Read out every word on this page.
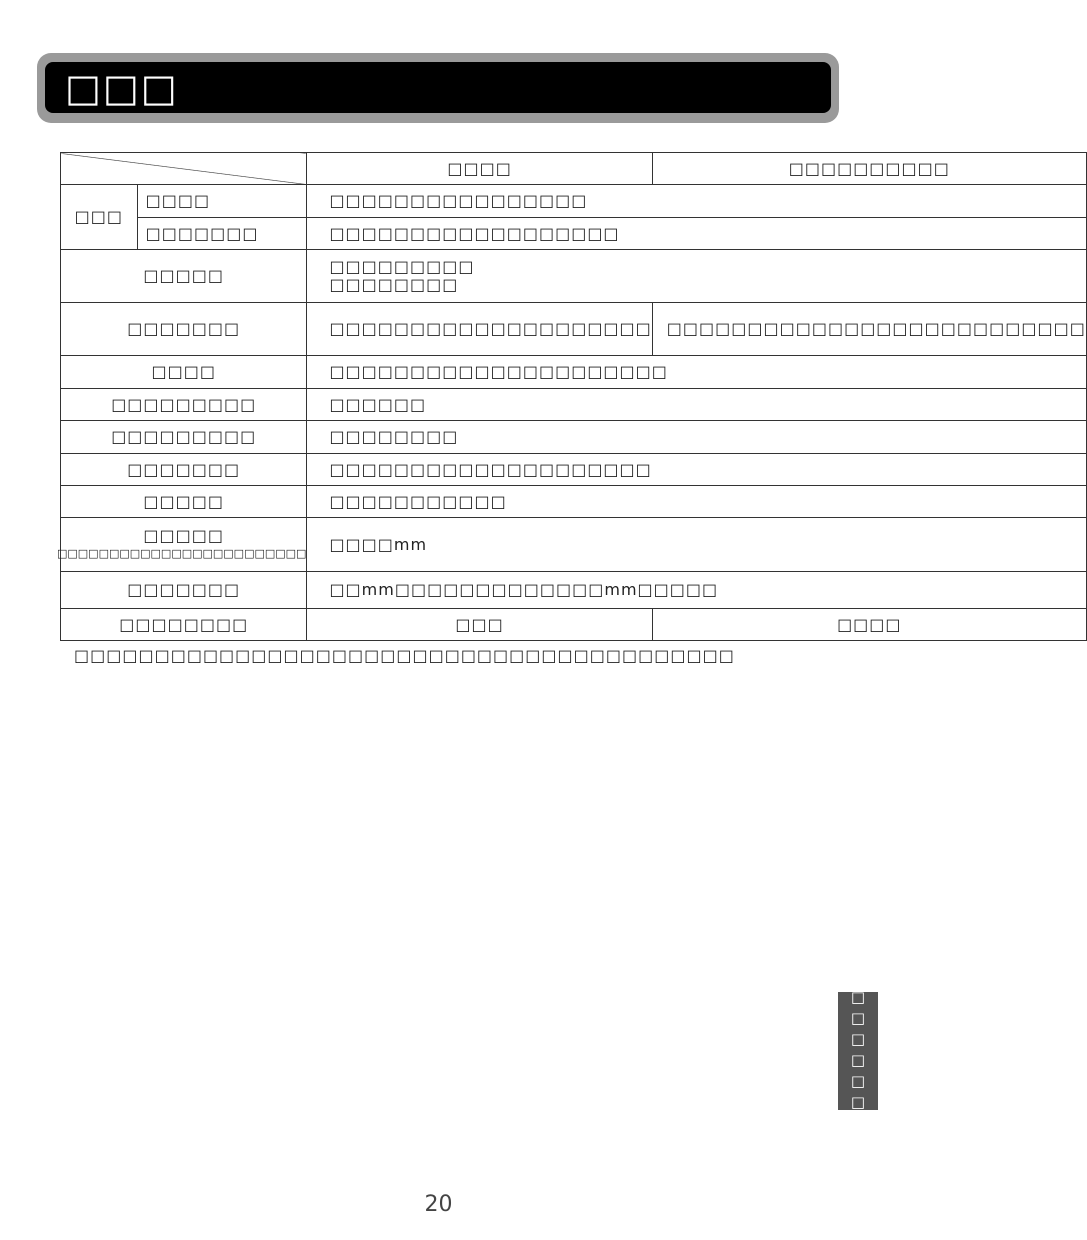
□□□
		□□□□	□□□□□□□□□□
□□□	□□□□	□□□□□□□□□□□□□□□□	
	□□□□□□□	□□□□□□□□□□□□□□□□□□	
□□□□□		□□□□□□□□□
□□□□□□□□	

□□□□□□□		□□□□□□□□□□□□□□□□□□□□	□□□□□□□□□□□□□□□□□□□□□□□□□□
□□□□		□□□□□□□□□□□□□□□□□□□□□	
□□□□□□□□□		□□□□□□	
□□□□□□□□□		□□□□□□□□	
□□□□□□□		□□□□□□□□□□□□□□□□□□□□	
□□□□□		□□□□□□□□□□□	
□□□□□
□□□□□□□□□□□□□□□□□□□□□□□□		□□□□mm	
□□□□□□□		□□mm□□□□□□□□□□□□□mm□□□□□	
□□□□□□□□		□□□	□□□□
□□□□□□□□□□□□□□□□□□□□□□□□□□□□□□□□□□□□□□□□□
□□□□□□
20
